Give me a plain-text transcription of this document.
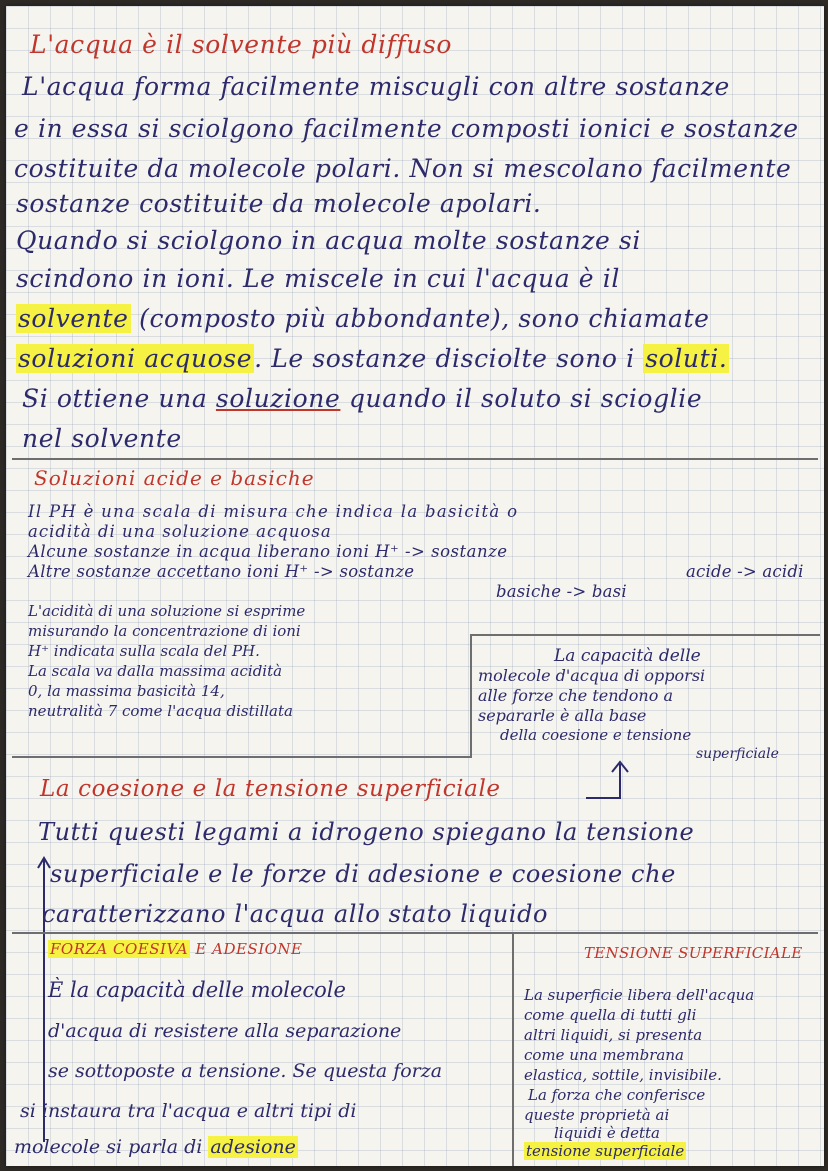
L'acqua è il solvente più diffuso
L'acqua forma facilmente miscugli con altre sostanze
e in essa si sciolgono facilmente composti ionici e sostanze
costituite da molecole polari. Non si mescolano facilmente
sostanze costituite da molecole apolari.
Quando si sciolgono in acqua molte sostanze si
scindono in ioni. Le miscele in cui l'acqua è il
solvente (composto più abbondante), sono chiamate
soluzioni acquose. Le sostanze disciolte sono i soluti.
Si ottiene una soluzione quando il soluto si scioglie
nel solvente
Soluzioni acide e basiche
Il PH è una scala di misura che indica la basicità o
acidità di una soluzione acquosa
Alcune sostanze in acqua liberano ioni H⁺ -> sostanze
Altre sostanze accettano ioni H⁺ -> sostanze	acide -> acidi
basiche -> basi
L'acidità di una soluzione si esprime
misurando la concentrazione di ioni
H⁺ indicata sulla scala del PH.
La scala va dalla massima acidità
0, la massima basicità 14,
neutralità 7 come l'acqua distillata
La capacità delle
molecole d'acqua di opporsi
alle forze che tendono a
separarle è alla base
della coesione e tensione
superficiale
La coesione e la tensione superficiale
Tutti questi legami a idrogeno spiegano la tensione
superficiale e le forze di adesione e coesione che
caratterizzano l'acqua allo stato liquido
FORZA COESIVA E ADESIONE
È la capacità delle molecole
d'acqua di resistere alla separazione
se sottoposte a tensione. Se questa forza
si instaura tra l'acqua e altri tipi di
molecole si parla di adesione
TENSIONE SUPERFICIALE
La superficie libera dell'acqua
come quella di tutti gli
altri liquidi, si presenta
come una membrana
elastica, sottile, invisibile.
La forza che conferisce
queste proprietà ai
liquidi è detta
tensione superficiale
